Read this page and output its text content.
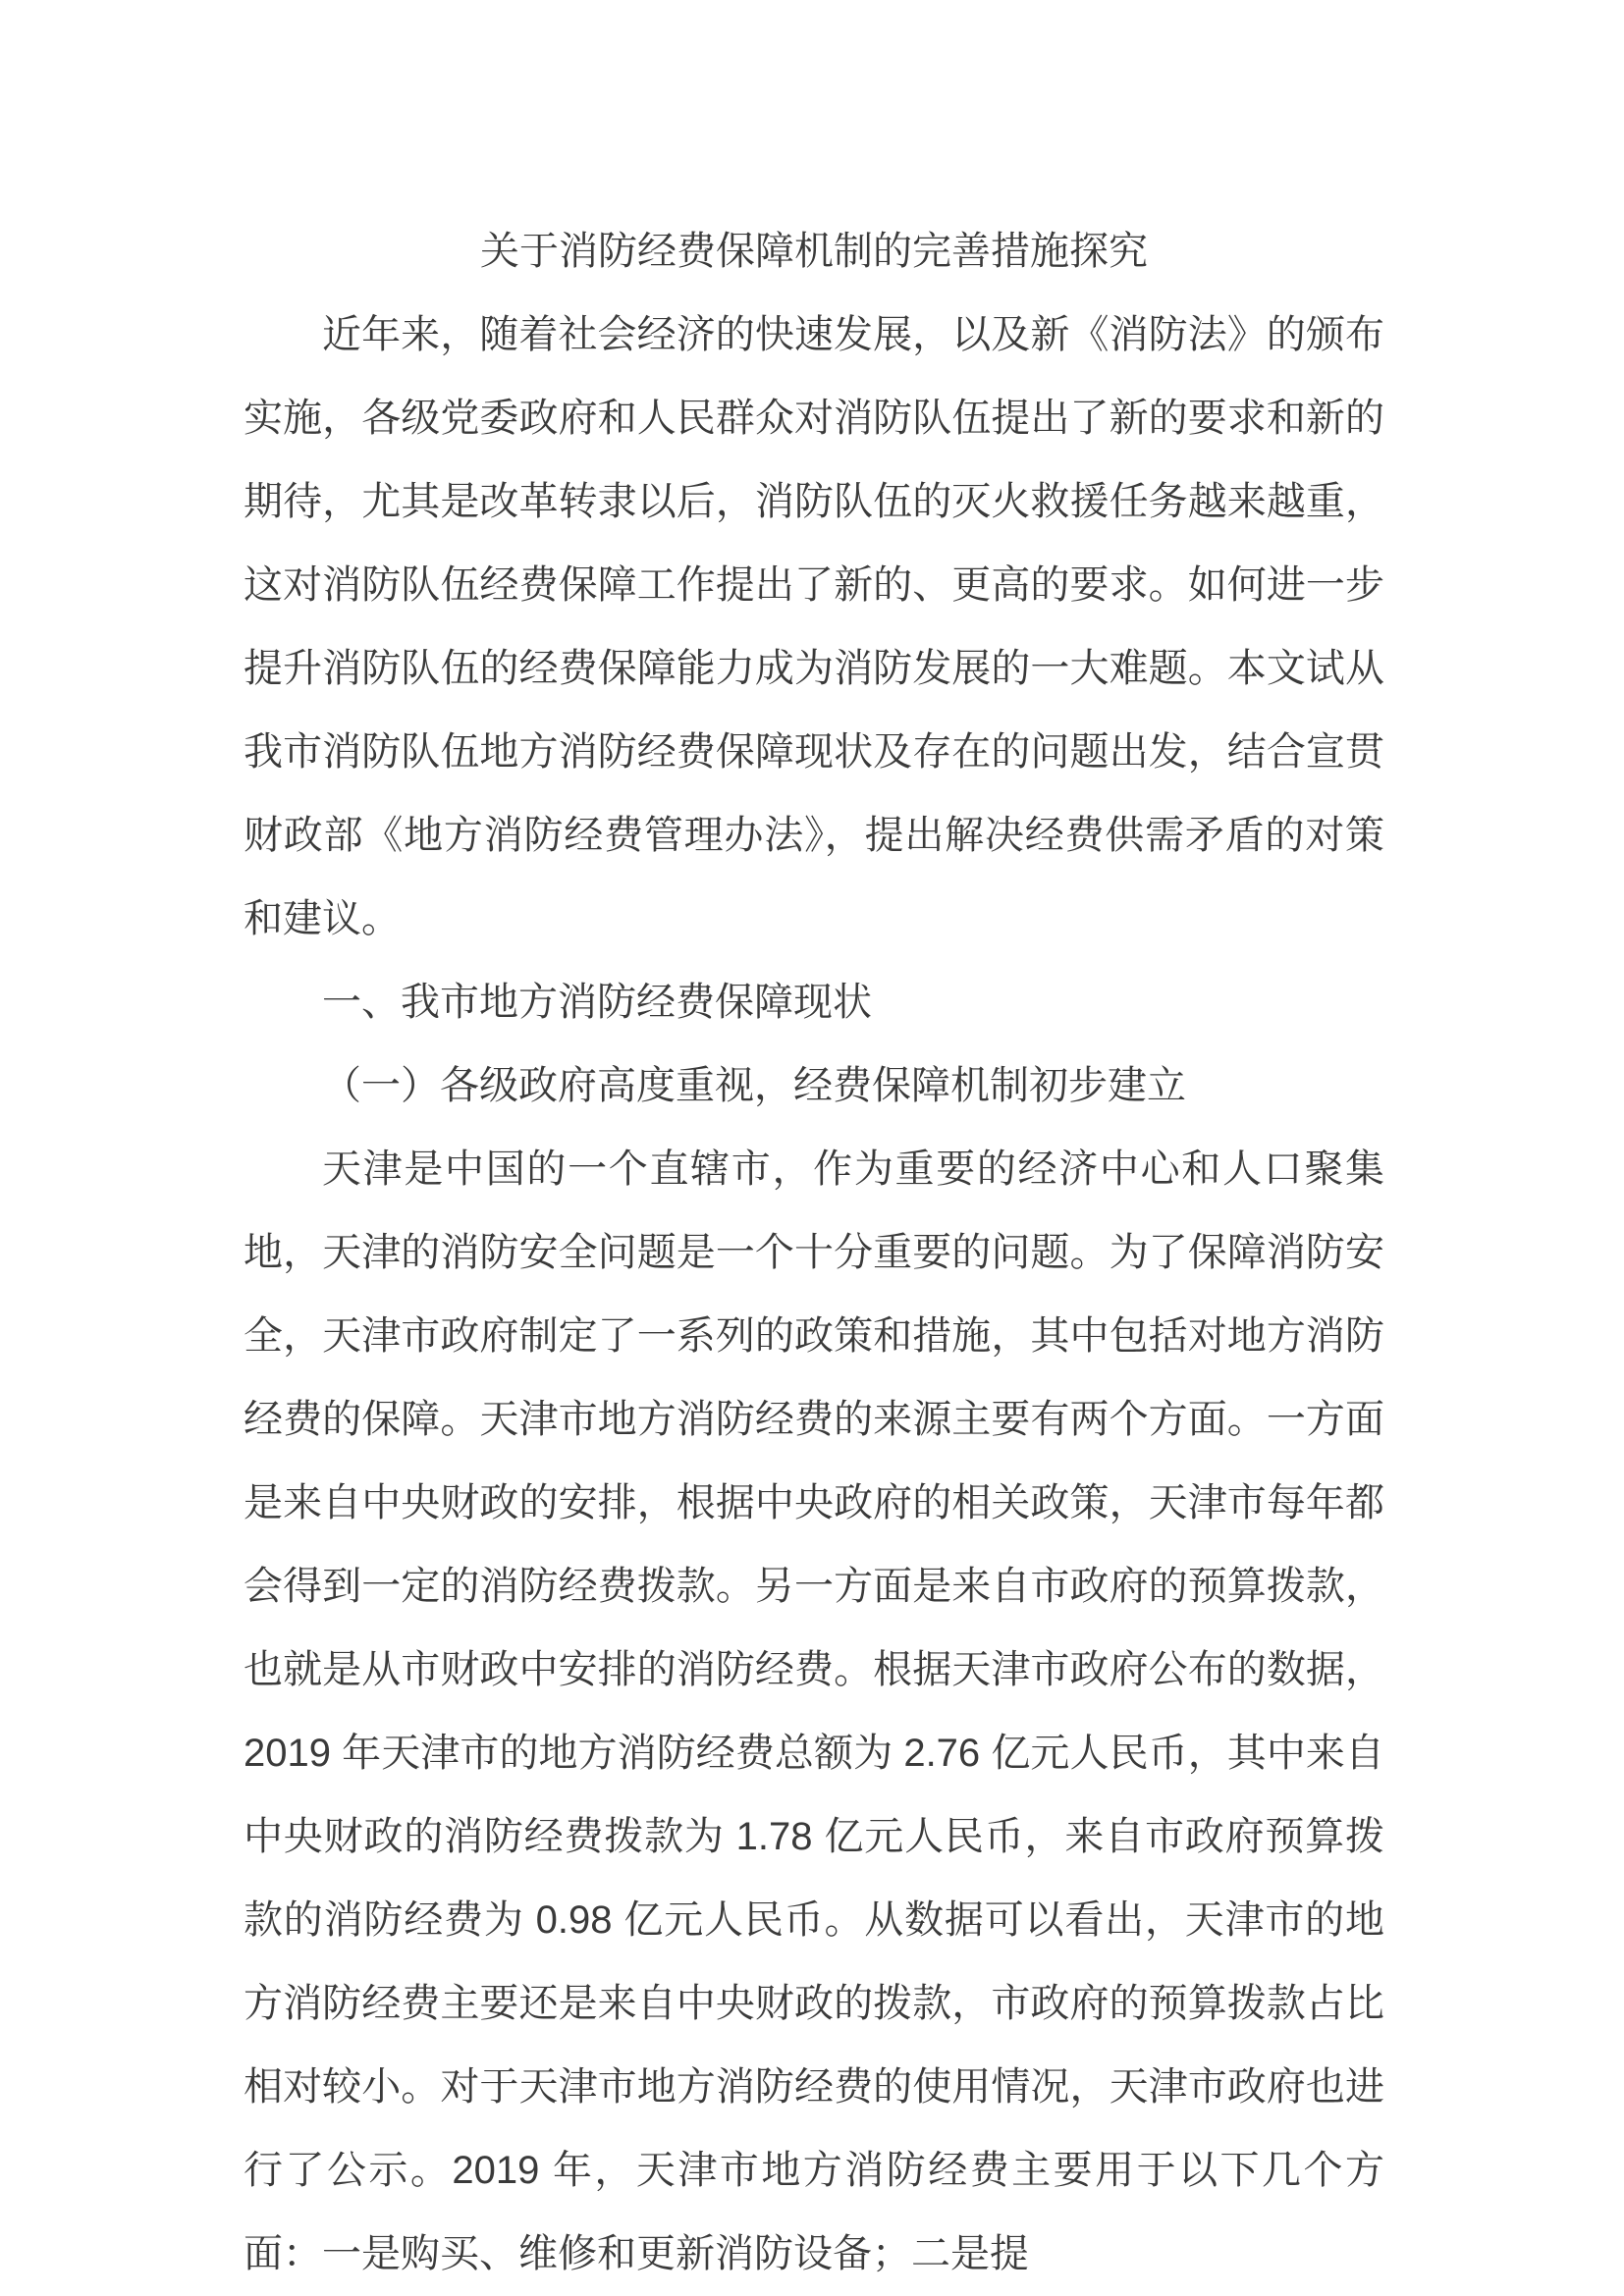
关于消防经费保障机制的完善措施探究

近年来，随着社会经济的快速发展，以及新《消防法》的颁布实施，各级党委政府和人民群众对消防队伍提出了新的要求和新的期待，尤其是改革转隶以后，消防队伍的灭火救援任务越来越重，这对消防队伍经费保障工作提出了新的、更高的要求。如何进一步提升消防队伍的经费保障能力成为消防发展的一大难题。本文试从我市消防队伍地方消防经费保障现状及存在的问题出发，结合宣贯财政部《地方消防经费管理办法》，提出解决经费供需矛盾的对策和建议。

一、我市地方消防经费保障现状

（一）各级政府高度重视，经费保障机制初步建立

天津是中国的一个直辖市，作为重要的经济中心和人口聚集地，天津的消防安全问题是一个十分重要的问题。为了保障消防安全，天津市政府制定了一系列的政策和措施，其中包括对地方消防经费的保障。天津市地方消防经费的来源主要有两个方面。一方面是来自中央财政的安排，根据中央政府的相关政策，天津市每年都会得到一定的消防经费拨款。另一方面是来自市政府的预算拨款，也就是从市财政中安排的消防经费。根据天津市政府公布的数据，2019 年天津市的地方消防经费总额为 2.76 亿元人民币，其中来自中央财政的消防经费拨款为 1.78 亿元人民币，来自市政府预算拨款的消防经费为 0.98 亿元人民币。从数据可以看出，天津市的地方消防经费主要还是来自中央财政的拨款，市政府的预算拨款占比相对较小。对于天津市地方消防经费的使用情况，天津市政府也进行了公示。2019 年，天津市地方消防经费主要用于以下几个方面：一是购买、维修和更新消防设备；二是提
